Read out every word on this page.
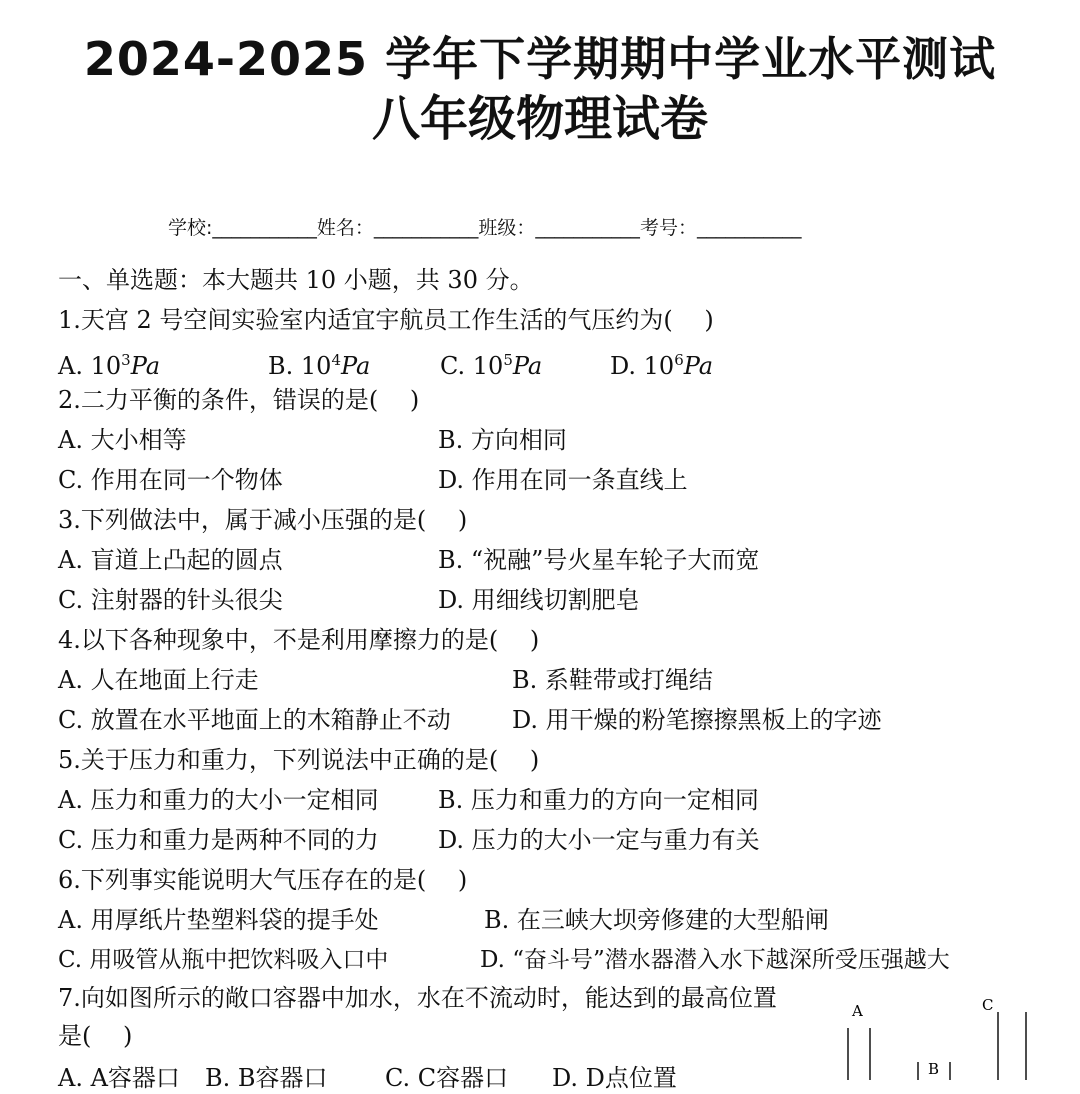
2024-2025 学年下学期期中学业水平测试
八年级物理试卷
学校:___________姓名：___________班级：___________考号：___________
一、单选题：本大题共 10 小题，共 30 分。
1.天宫 2 号空间实验室内适宜宇航员工作生活的气压约为(　 )
A. $10^3Pa$	B. $10^4Pa$	C. $10^5Pa$	D. $10^6Pa$
2.二力平衡的条件，错误的是(　 )
A. 大小相等	B. 方向相同
C. 作用在同一个物体	D. 作用在同一条直线上
3.下列做法中，属于减小压强的是(　 )
A. 盲道上凸起的圆点	B. “祝融”号火星车轮子大而宽
C. 注射器的针头很尖	D. 用细线切割肥皂
4.以下各种现象中，不是利用摩擦力的是(　 )
A. 人在地面上行走	B. 系鞋带或打绳结
C. 放置在水平地面上的木箱静止不动	D. 用干燥的粉笔擦擦黑板上的字迹
5.关于压力和重力，下列说法中正确的是(　 )
A. 压力和重力的大小一定相同 B. 压力和重力的方向一定相同
C. 压力和重力是两种不同的力 D. 压力的大小一定与重力有关
6.下列事实能说明大气压存在的是(　 )
A. 用厚纸片垫塑料袋的提手处	B. 在三峡大坝旁修建的大型船闸
C. 用吸管从瓶中把饮料吸入口中	D. “奋斗号”潜水器潜入水下越深所受压强越大
7.向如图所示的敞口容器中加水，水在不流动时，能达到的最高位置
是(　 )
A. A容器口 B. B容器口 C. C容器口 D. D点位置
A
B
C
